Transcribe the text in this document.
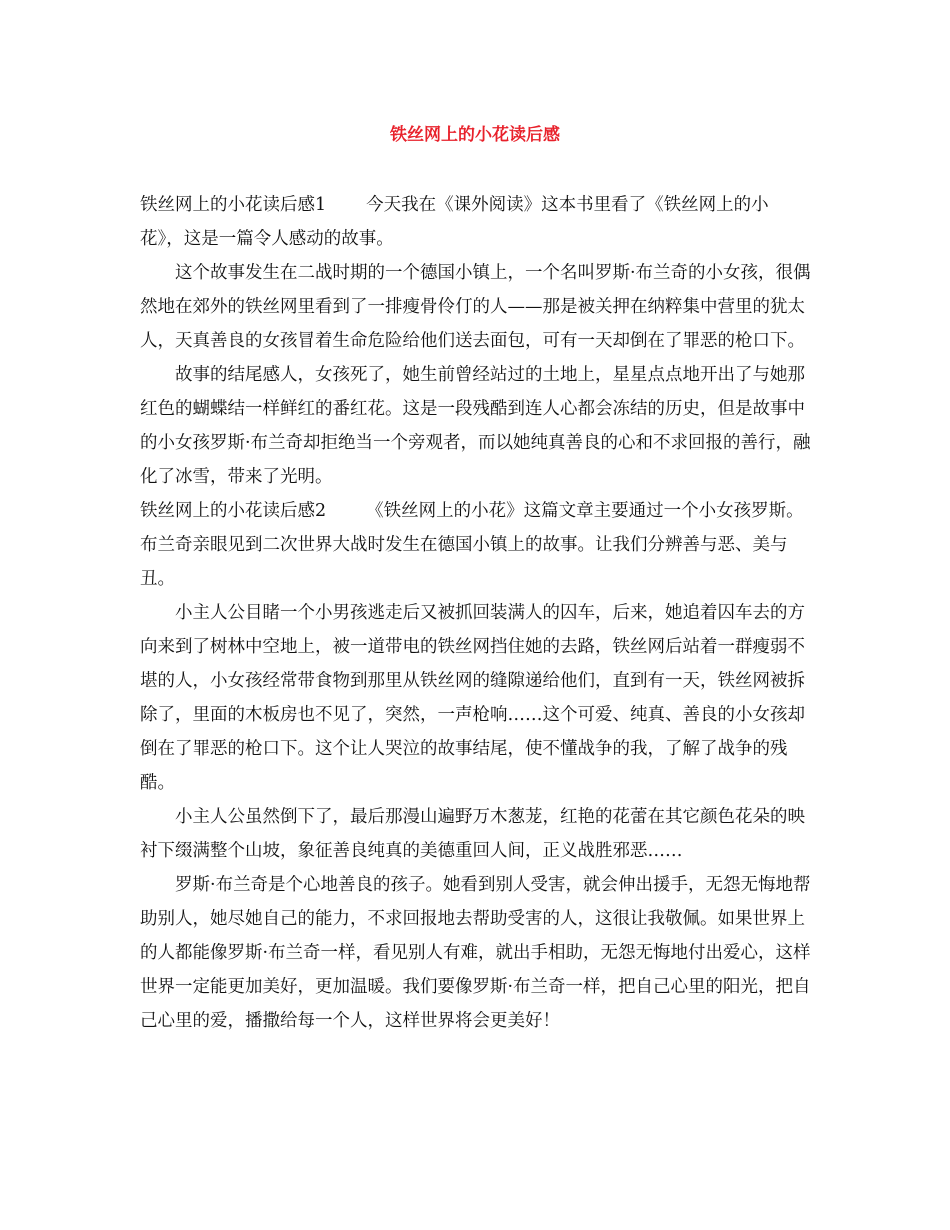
铁丝网上的小花读后感

铁丝网上的小花读后感1 今天我在《课外阅读》这本书里看了《铁丝网上的小花》，这是一篇令人感动的故事。

这个故事发生在二战时期的一个德国小镇上，一个名叫罗斯·布兰奇的小女孩，很偶然地在郊外的铁丝网里看到了一排瘦骨伶仃的人——那是被关押在纳粹集中营里的犹太人，天真善良的女孩冒着生命危险给他们送去面包，可有一天却倒在了罪恶的枪口下。

故事的结尾感人，女孩死了，她生前曾经站过的土地上，星星点点地开出了与她那红色的蝴蝶结一样鲜红的番红花。这是一段残酷到连人心都会冻结的历史，但是故事中的小女孩罗斯·布兰奇却拒绝当一个旁观者，而以她纯真善良的心和不求回报的善行，融化了冰雪，带来了光明。

铁丝网上的小花读后感2 《铁丝网上的小花》这篇文章主要通过一个小女孩罗斯。布兰奇亲眼见到二次世界大战时发生在德国小镇上的故事。让我们分辨善与恶、美与丑。

小主人公目睹一个小男孩逃走后又被抓回装满人的囚车，后来，她追着囚车去的方向来到了树林中空地上，被一道带电的铁丝网挡住她的去路，铁丝网后站着一群瘦弱不堪的人，小女孩经常带食物到那里从铁丝网的缝隙递给他们，直到有一天，铁丝网被拆除了，里面的木板房也不见了，突然，一声枪响……这个可爱、纯真、善良的小女孩却倒在了罪恶的枪口下。这个让人哭泣的故事结尾，使不懂战争的我，了解了战争的残酷。

小主人公虽然倒下了，最后那漫山遍野万木葱茏，红艳的花蕾在其它颜色花朵的映衬下缀满整个山坡，象征善良纯真的美德重回人间，正义战胜邪恶……

罗斯·布兰奇是个心地善良的孩子。她看到别人受害，就会伸出援手，无怨无悔地帮助别人，她尽她自己的能力，不求回报地去帮助受害的人，这很让我敬佩。如果世界上的人都能像罗斯·布兰奇一样，看见别人有难，就出手相助，无怨无悔地付出爱心，这样世界一定能更加美好，更加温暖。我们要像罗斯·布兰奇一样，把自己心里的阳光，把自己心里的爱，播撒给每一个人，这样世界将会更美好！
